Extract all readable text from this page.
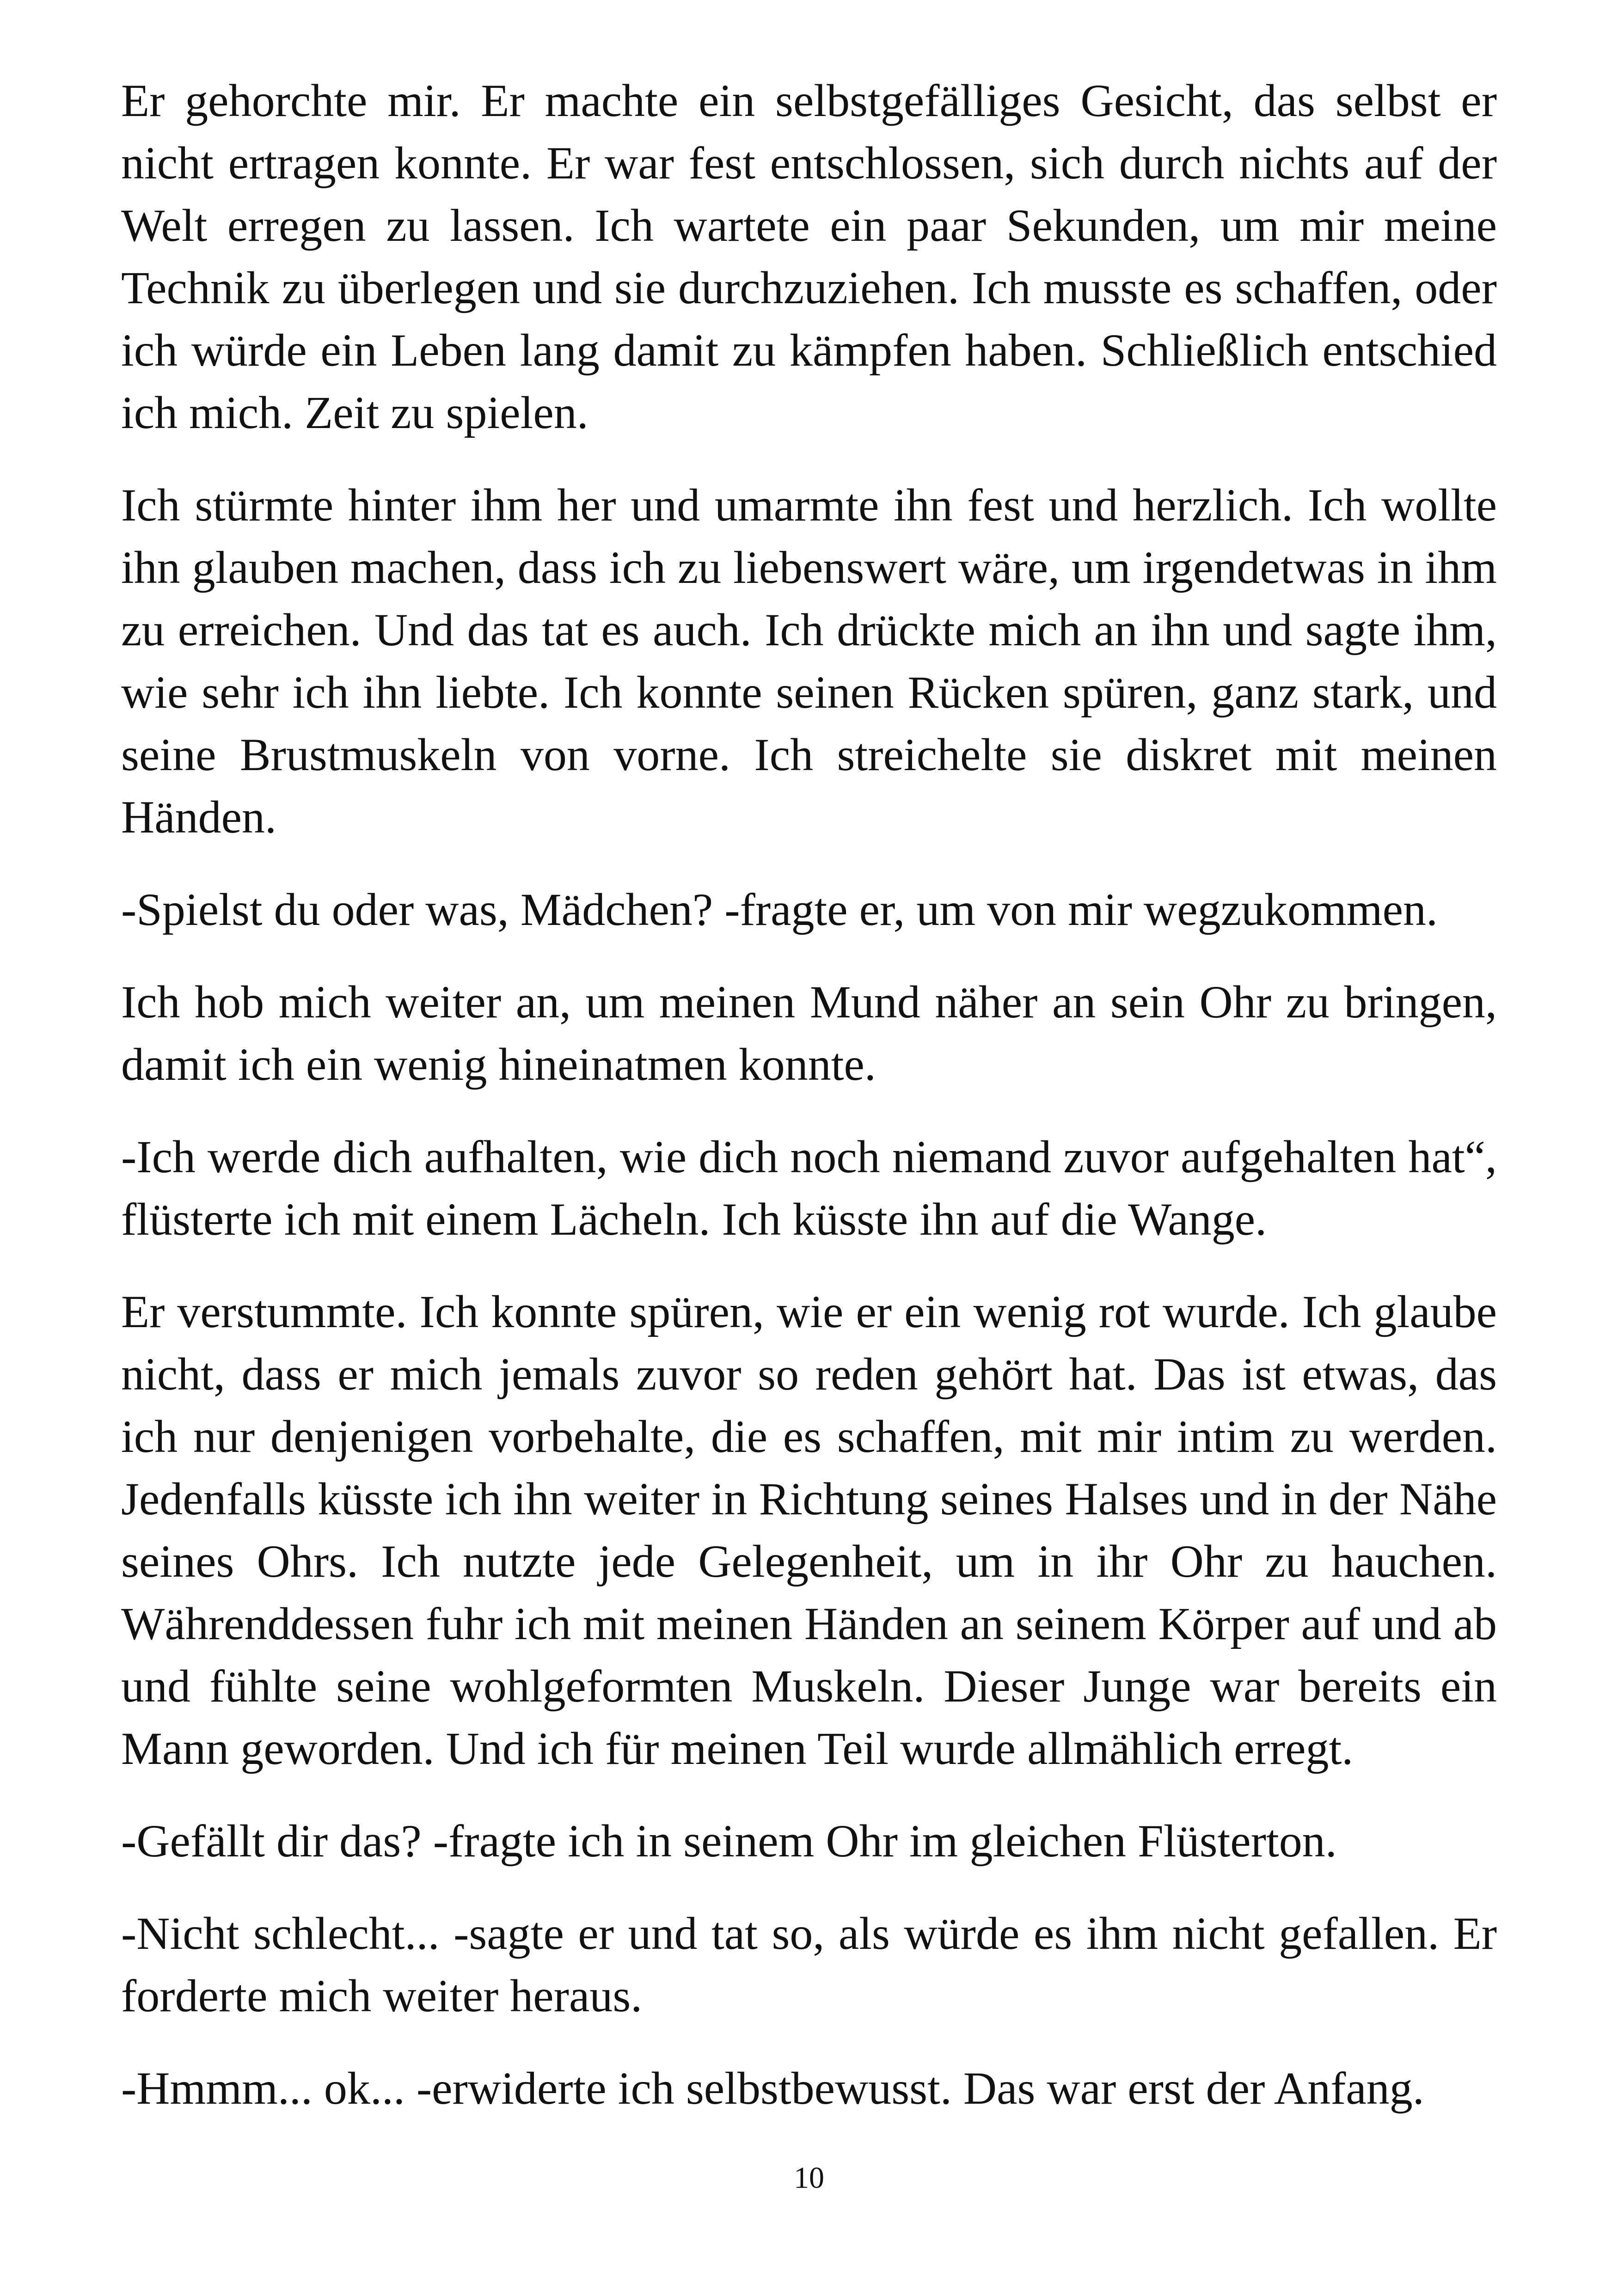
Er gehorchte mir. Er machte ein selbstgefälliges Gesicht, das selbst er nicht ertragen konnte. Er war fest entschlossen, sich durch nichts auf der Welt erregen zu lassen. Ich wartete ein paar Sekunden, um mir meine Technik zu überlegen und sie durchzuziehen. Ich musste es schaffen, oder ich würde ein Leben lang damit zu kämpfen haben. Schließlich entschied ich mich. Zeit zu spielen.

Ich stürmte hinter ihm her und umarmte ihn fest und herzlich. Ich wollte ihn glauben machen, dass ich zu liebenswert wäre, um irgendetwas in ihm zu erreichen. Und das tat es auch. Ich drückte mich an ihn und sagte ihm, wie sehr ich ihn liebte. Ich konnte seinen Rücken spüren, ganz stark, und seine Brustmuskeln von vorne. Ich streichelte sie diskret mit meinen Händen.

-Spielst du oder was, Mädchen? -fragte er, um von mir wegzukommen.

Ich hob mich weiter an, um meinen Mund näher an sein Ohr zu bringen, damit ich ein wenig hineinatmen konnte.

-Ich werde dich aufhalten, wie dich noch niemand zuvor aufgehalten hat“, flüsterte ich mit einem Lächeln. Ich küsste ihn auf die Wange.

Er verstummte. Ich konnte spüren, wie er ein wenig rot wurde. Ich glaube nicht, dass er mich jemals zuvor so reden gehört hat. Das ist etwas, das ich nur denjenigen vorbehalte, die es schaffen, mit mir intim zu werden. Jedenfalls küsste ich ihn weiter in Richtung seines Halses und in der Nähe seines Ohrs. Ich nutzte jede Gelegenheit, um in ihr Ohr zu hauchen. Währenddessen fuhr ich mit meinen Händen an seinem Körper auf und ab und fühlte seine wohlgeformten Muskeln. Dieser Junge war bereits ein Mann geworden. Und ich für meinen Teil wurde allmählich erregt.

-Gefällt dir das? -fragte ich in seinem Ohr im gleichen Flüsterton.

-Nicht schlecht... -sagte er und tat so, als würde es ihm nicht gefallen. Er forderte mich weiter heraus.

-Hmmm... ok... -erwiderte ich selbstbewusst. Das war erst der Anfang.

10
